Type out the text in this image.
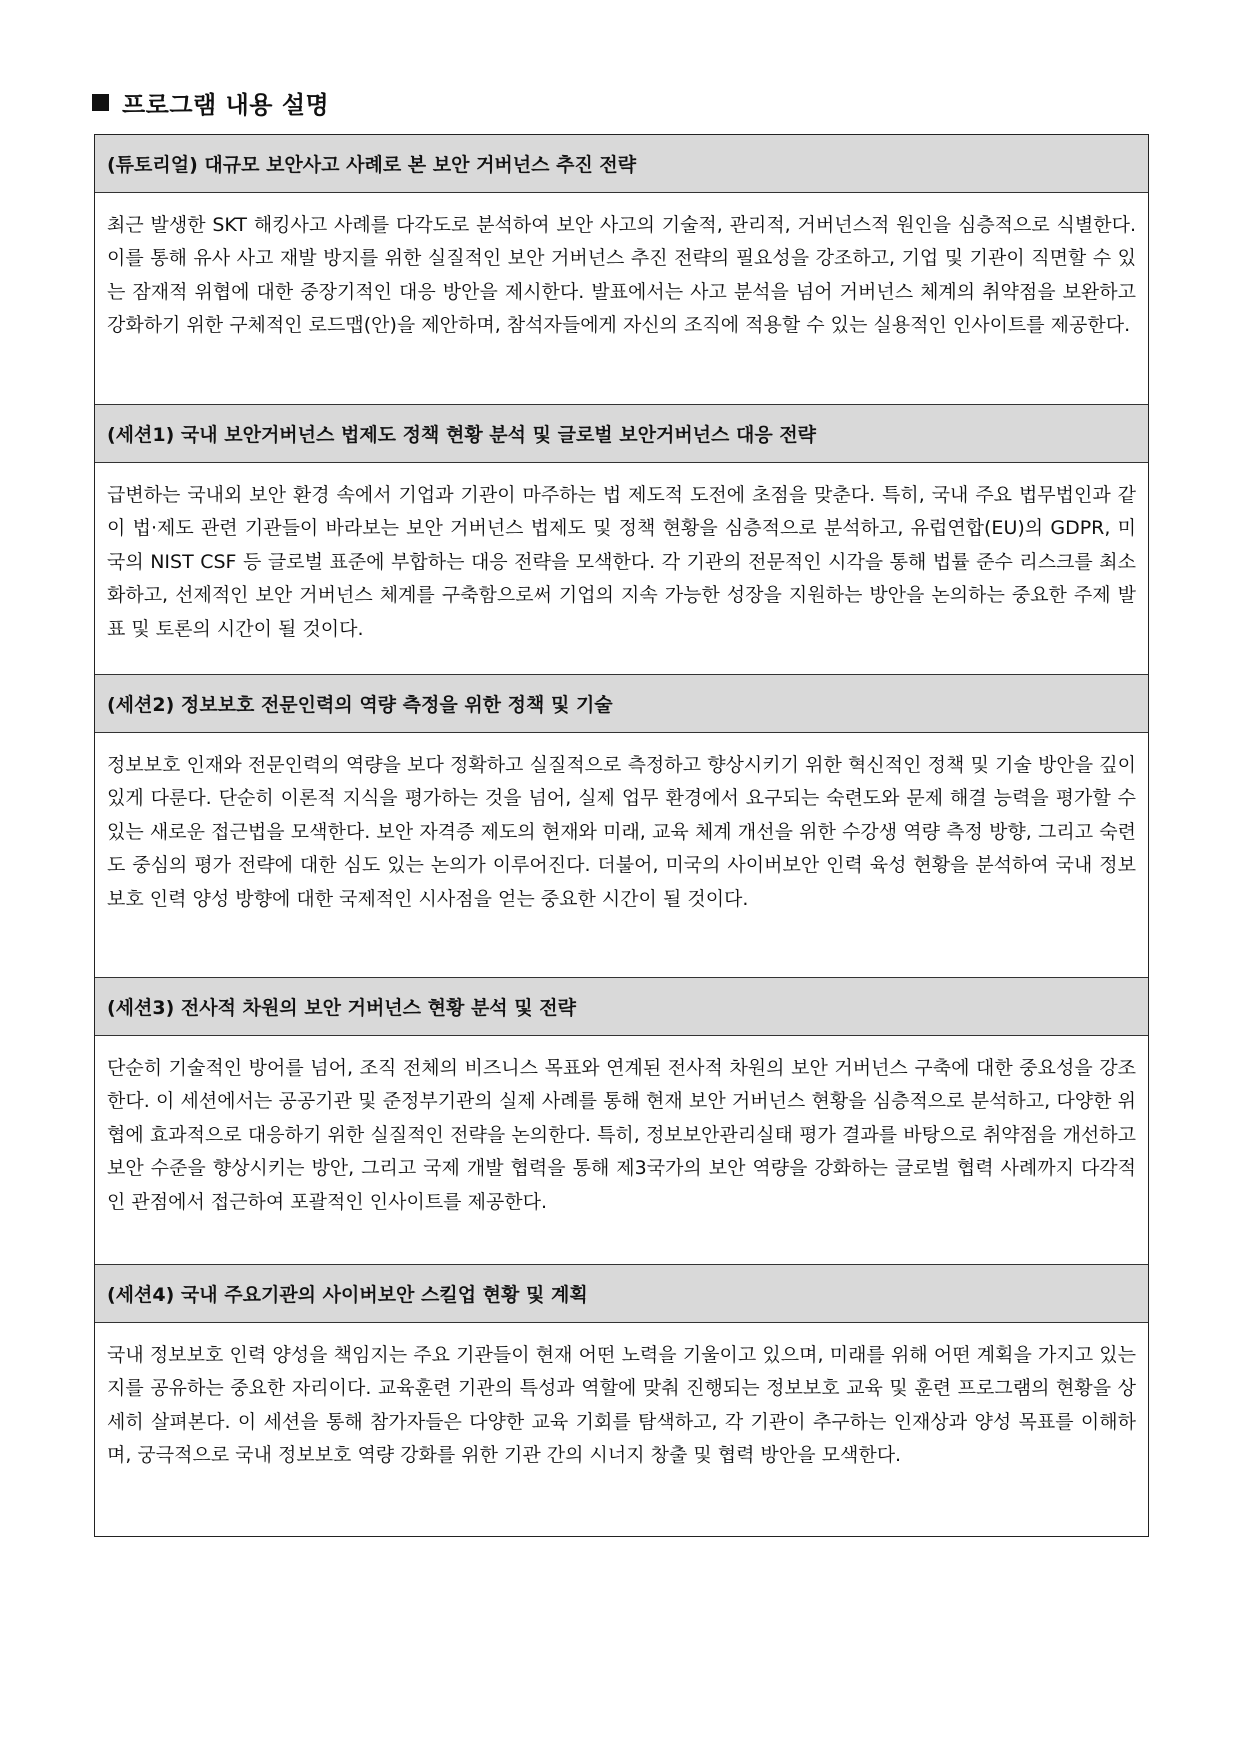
프로그램 내용 설명
(튜토리얼) 대규모 보안사고 사례로 본 보안 거버넌스 추진 전략
최근 발생한 SKT 해킹사고 사례를 다각도로 분석하여 보안 사고의 기술적, 관리적, 거버넌스적 원인을 심층적으로 식별한다. 이를 통해 유사 사고 재발 방지를 위한 실질적인 보안 거버넌스 추진 전략의 필요성을 강조하고, 기업 및 기관이 직면할 수 있는 잠재적 위협에 대한 중장기적인 대응 방안을 제시한다. 발표에서는 사고 분석을 넘어 거버넌스 체계의 취약점을 보완하고 강화하기 위한 구체적인 로드맵(안)을 제안하며, 참석자들에게 자신의 조직에 적용할 수 있는 실용적인 인사이트를 제공한다.
(세션1) 국내 보안거버넌스 법제도 정책 현황 분석 및 글로벌 보안거버넌스 대응 전략
급변하는 국내외 보안 환경 속에서 기업과 기관이 마주하는 법 제도적 도전에 초점을 맞춘다. 특히, 국내 주요 법무법인과 같이 법·제도 관련 기관들이 바라보는 보안 거버넌스 법제도 및 정책 현황을 심층적으로 분석하고, 유럽연합(EU)의 GDPR, 미국의 NIST CSF 등 글로벌 표준에 부합하는 대응 전략을 모색한다. 각 기관의 전문적인 시각을 통해 법률 준수 리스크를 최소화하고, 선제적인 보안 거버넌스 체계를 구축함으로써 기업의 지속 가능한 성장을 지원하는 방안을 논의하는 중요한 주제 발표 및 토론의 시간이 될 것이다.
(세션2) 정보보호 전문인력의 역량 측정을 위한 정책 및 기술
정보보호 인재와 전문인력의 역량을 보다 정확하고 실질적으로 측정하고 향상시키기 위한 혁신적인 정책 및 기술 방안을 깊이 있게 다룬다. 단순히 이론적 지식을 평가하는 것을 넘어, 실제 업무 환경에서 요구되는 숙련도와 문제 해결 능력을 평가할 수 있는 새로운 접근법을 모색한다. 보안 자격증 제도의 현재와 미래, 교육 체계 개선을 위한 수강생 역량 측정 방향, 그리고 숙련도 중심의 평가 전략에 대한 심도 있는 논의가 이루어진다. 더불어, 미국의 사이버보안 인력 육성 현황을 분석하여 국내 정보보호 인력 양성 방향에 대한 국제적인 시사점을 얻는 중요한 시간이 될 것이다.
(세션3) 전사적 차원의 보안 거버넌스 현황 분석 및 전략
단순히 기술적인 방어를 넘어, 조직 전체의 비즈니스 목표와 연계된 전사적 차원의 보안 거버넌스 구축에 대한 중요성을 강조한다. 이 세션에서는 공공기관 및 준정부기관의 실제 사례를 통해 현재 보안 거버넌스 현황을 심층적으로 분석하고, 다양한 위협에 효과적으로 대응하기 위한 실질적인 전략을 논의한다. 특히, 정보보안관리실태 평가 결과를 바탕으로 취약점을 개선하고 보안 수준을 향상시키는 방안, 그리고 국제 개발 협력을 통해 제3국가의 보안 역량을 강화하는 글로벌 협력 사례까지 다각적인 관점에서 접근하여 포괄적인 인사이트를 제공한다.
(세션4) 국내 주요기관의 사이버보안 스킬업 현황 및 계획
국내 정보보호 인력 양성을 책임지는 주요 기관들이 현재 어떤 노력을 기울이고 있으며, 미래를 위해 어떤 계획을 가지고 있는지를 공유하는 중요한 자리이다. 교육훈련 기관의 특성과 역할에 맞춰 진행되는 정보보호 교육 및 훈련 프로그램의 현황을 상세히 살펴본다. 이 세션을 통해 참가자들은 다양한 교육 기회를 탐색하고, 각 기관이 추구하는 인재상과 양성 목표를 이해하며, 궁극적으로 국내 정보보호 역량 강화를 위한 기관 간의 시너지 창출 및 협력 방안을 모색한다.
